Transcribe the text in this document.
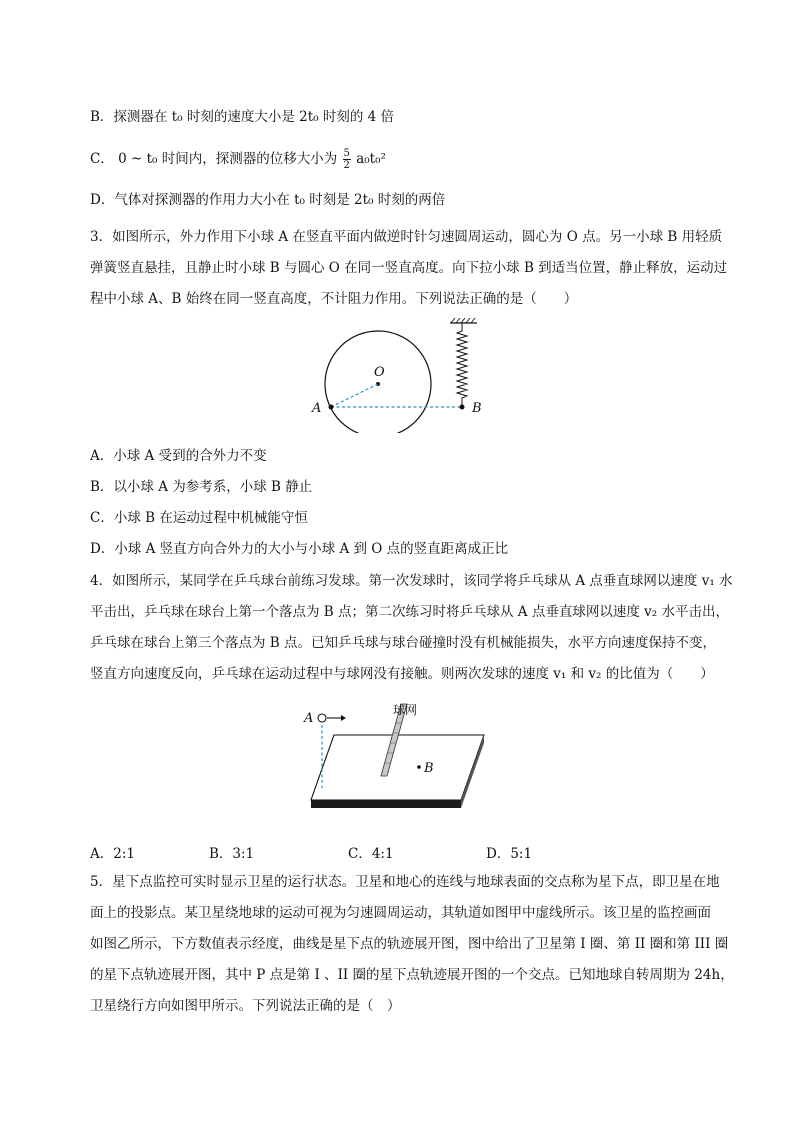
B．探测器在 t₀ 时刻的速度大小是 2t₀ 时刻的 4 倍
C． 0 ~ t₀ 时间内，探测器的位移大小为 $\frac{5}{2} a_0t_0^2$
D．气体对探测器的作用力大小在 t₀ 时刻是 2t₀ 时刻的两倍
3．如图所示，外力作用下小球 A 在竖直平面内做逆时针匀速圆周运动，圆心为 O 点。另一小球 B 用轻质
弹簧竖直悬挂，且静止时小球 B 与圆心 O 在同一竖直高度。向下拉小球 B 到适当位置，静止释放，运动过
程中小球 A、B 始终在同一竖直高度，不计阻力作用。下列说法正确的是（　　）
O
A	B
A．小球 A 受到的合外力不变
B．以小球 A 为参考系，小球 B 静止
C．小球 B 在运动过程中机械能守恒
D．小球 A 竖直方向合外力的大小与小球 A 到 O 点的竖直距离成正比
4．如图所示，某同学在乒乓球台前练习发球。第一次发球时，该同学将乒乓球从 A 点垂直球网以速度 v₁ 水
平击出，乒乓球在球台上第一个落点为 B 点；第二次练习时将乒乓球从 A 点垂直球网以速度 v₂ 水平击出，
乒乓球在球台上第三个落点为 B 点。已知乒乓球与球台碰撞时没有机械能损失，水平方向速度保持不变，
竖直方向速度反向，乒乓球在运动过程中与球网没有接触。则两次发球的速度 v₁ 和 v₂ 的比值为（　　）
A
球网
B
A．2:1	B．3:1	C．4:1	D．5:1
5．星下点监控可实时显示卫星的运行状态。卫星和地心的连线与地球表面的交点称为星下点，即卫星在地
面上的投影点。某卫星绕地球的运动可视为匀速圆周运动，其轨道如图甲中虚线所示。该卫星的监控画面
如图乙所示，下方数值表示经度，曲线是星下点的轨迹展开图，图中给出了卫星第 I 圈、第 II 圈和第 III 圈
的星下点轨迹展开图，其中 P 点是第 I 、II 圈的星下点轨迹展开图的一个交点。已知地球自转周期为 24h，
卫星绕行方向如图甲所示。下列说法正确的是（　）
